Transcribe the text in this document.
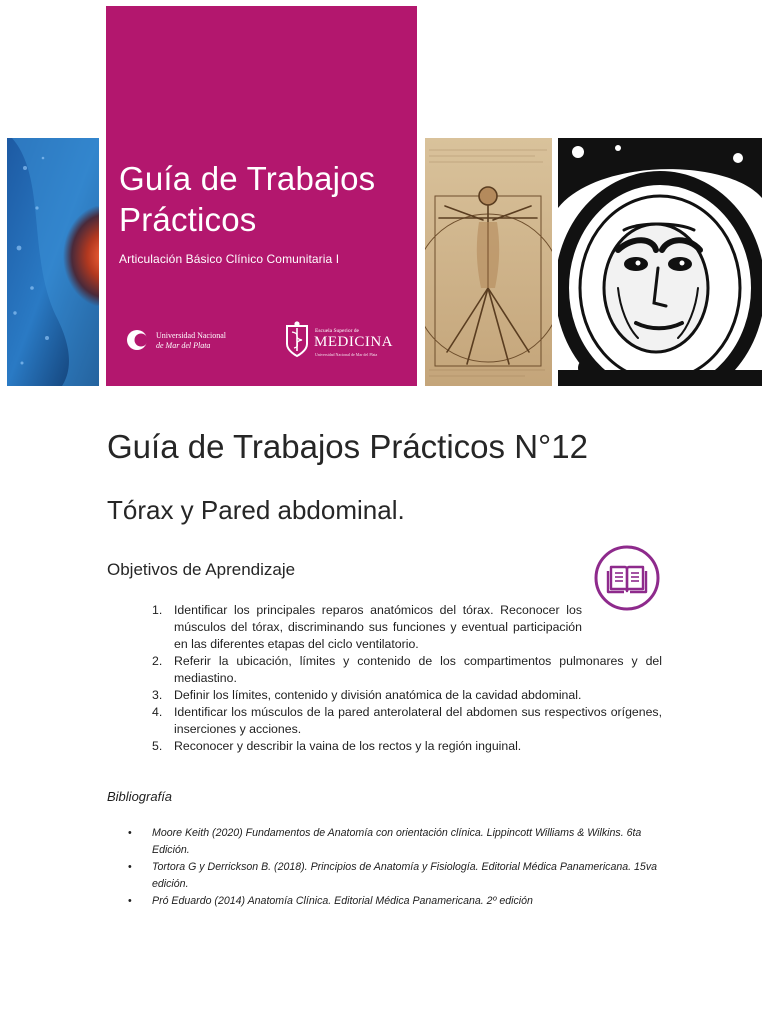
Guía de Trabajos
Prácticos
Articulación Básico Clínico Comunitaria I
Universidad Nacional
de Mar del Plata
Escuela Superior de
MEDICINA
Universidad Nacional de Mar del Plata
Guía de Trabajos Prácticos N°12
Tórax y Pared abdominal.
Objetivos de Aprendizaje
1. Identificar los principales reparos anatómicos del tórax. Reconocer los músculos del tórax, discriminando sus funciones y eventual participación en las diferentes etapas del ciclo ventilatorio.
2. Referir la ubicación, límites y contenido de los compartimentos pulmonares y del mediastino.
3. Definir los límites, contenido y división anatómica de la cavidad abdominal.
4. Identificar los músculos de la pared anterolateral del abdomen sus respectivos orígenes, inserciones y acciones.
5. Reconocer y describir la vaina de los rectos y la región inguinal.
Bibliografía
• Moore Keith (2020) Fundamentos de Anatomía con orientación clínica. Lippincott Williams & Wilkins. 6ta Edición.
• Tortora G y Derrickson B. (2018). Principios de Anatomía y Fisiología. Editorial Médica Panamericana. 15va edición.
• Pró Eduardo (2014) Anatomía Clínica. Editorial Médica Panamericana. 2º edición
